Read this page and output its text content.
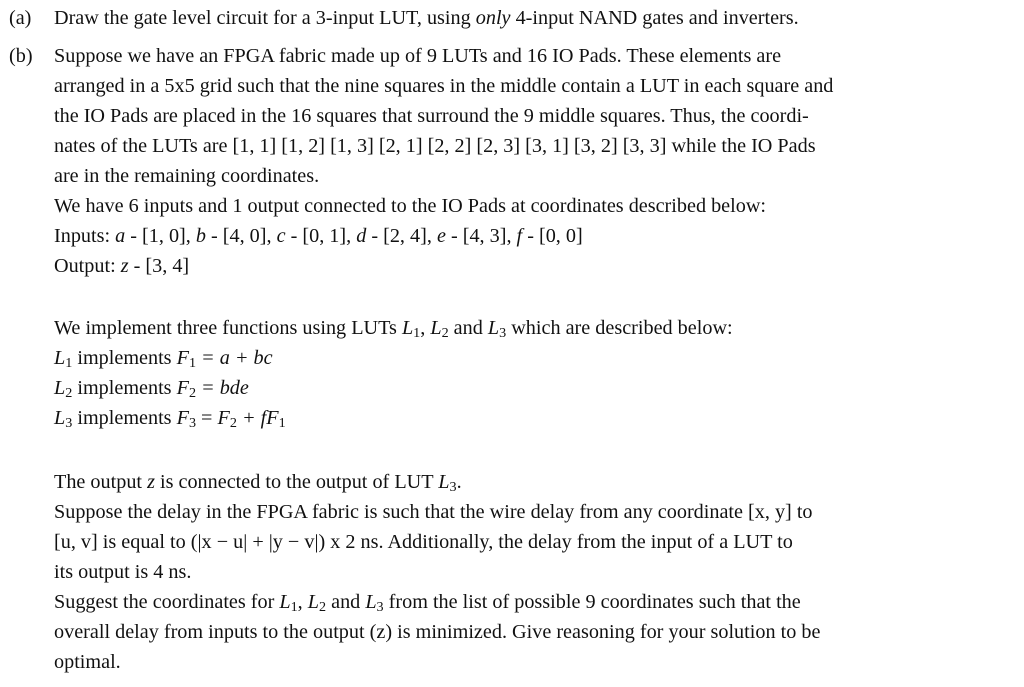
(a) Draw the gate level circuit for a 3-input LUT, using only 4-input NAND gates and inverters.
(b) Suppose we have an FPGA fabric made up of 9 LUTs and 16 IO Pads. These elements are
arranged in a 5x5 grid such that the nine squares in the middle contain a LUT in each square and
the IO Pads are placed in the 16 squares that surround the 9 middle squares. Thus, the coordi-
nates of the LUTs are [1, 1] [1, 2] [1, 3] [2, 1] [2, 2] [2, 3] [3, 1] [3, 2] [3, 3] while the IO Pads
are in the remaining coordinates.
We have 6 inputs and 1 output connected to the IO Pads at coordinates described below:
Inputs: a - [1, 0], b - [4, 0], c - [0, 1], d - [2, 4], e - [4, 3], f - [0, 0]
Output: z - [3, 4]
We implement three functions using LUTs $L_1$, $L_2$ and $L_3$ which are described below:
$L_1$ implements $F_1 = a$ + bc
$L_2$ implements $F_2$ = bde
$L_3$ implements $F_3 = F_2 + fF_1$
The output z is connected to the output of LUT $L_3$.
Suppose the delay in the FPGA fabric is such that the wire delay from any coordinate [x, y] to
[u, v] is equal to (|x − u| + |y − v|) x 2 ns. Additionally, the delay from the input of a LUT to
its output is 4 ns.
Suggest the coordinates for $L_1$, $L_2$ and $L_3$ from the list of possible 9 coordinates such that the
overall delay from inputs to the output (z) is minimized. Give reasoning for your solution to be
optimal.
